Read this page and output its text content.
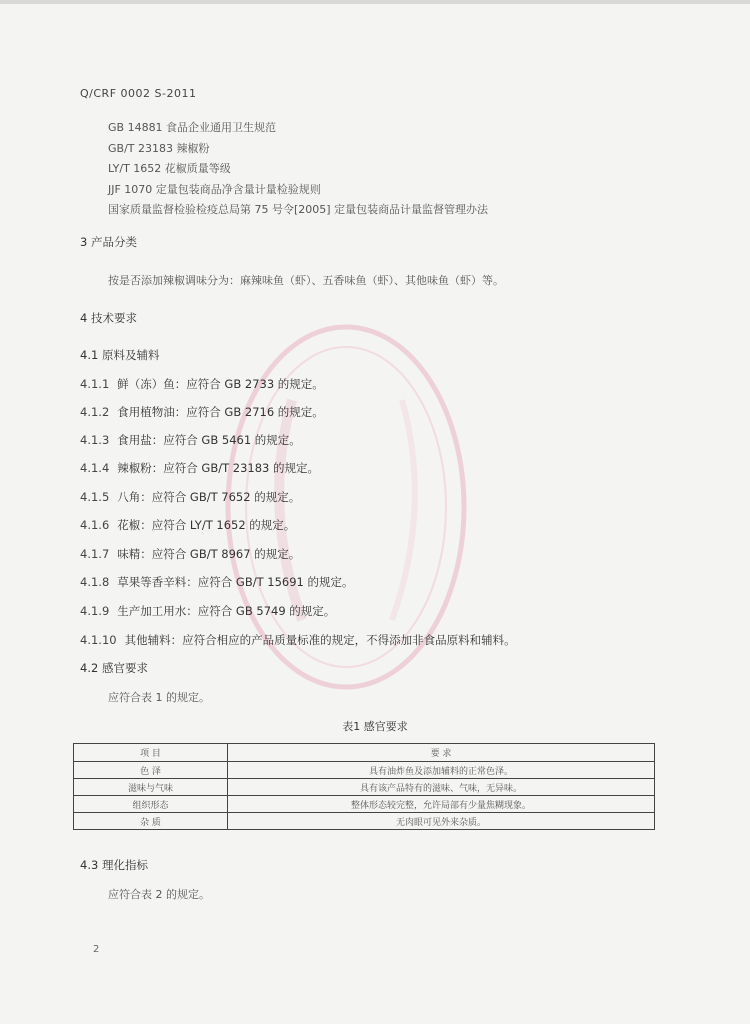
Q/CRF 0002 S-2011
GB 14881 食品企业通用卫生规范
GB/T 23183 辣椒粉
LY/T 1652 花椒质量等级
JJF 1070 定量包装商品净含量计量检验规则
国家质量监督检验检疫总局第 75 号令[2005] 定量包装商品计量监督管理办法
3 产品分类
按是否添加辣椒调味分为：麻辣味鱼（虾）、五香味鱼（虾）、其他味鱼（虾）等。
4 技术要求
4.1 原料及辅料
4.1.1 鲜（冻）鱼：应符合 GB 2733 的规定。
4.1.2 食用植物油：应符合 GB 2716 的规定。
4.1.3 食用盐：应符合 GB 5461 的规定。
4.1.4 辣椒粉：应符合 GB/T 23183 的规定。
4.1.5 八角：应符合 GB/T 7652 的规定。
4.1.6 花椒：应符合 LY/T 1652 的规定。
4.1.7 味精：应符合 GB/T 8967 的规定。
4.1.8 草果等香辛料：应符合 GB/T 15691 的规定。
4.1.9 生产加工用水：应符合 GB 5749 的规定。
4.1.10 其他辅料：应符合相应的产品质量标准的规定，不得添加非食品原料和辅料。
4.2 感官要求
应符合表 1 的规定。
表1 感官要求
项 目	要 求
色 泽	具有油炸鱼及添加辅料的正常色泽。
滋味与气味	具有该产品特有的滋味、气味，无异味。
组织形态	整体形态较完整，允许局部有少量焦糊现象。
杂 质	无肉眼可见外来杂质。
4.3 理化指标
应符合表 2 的规定。
2
